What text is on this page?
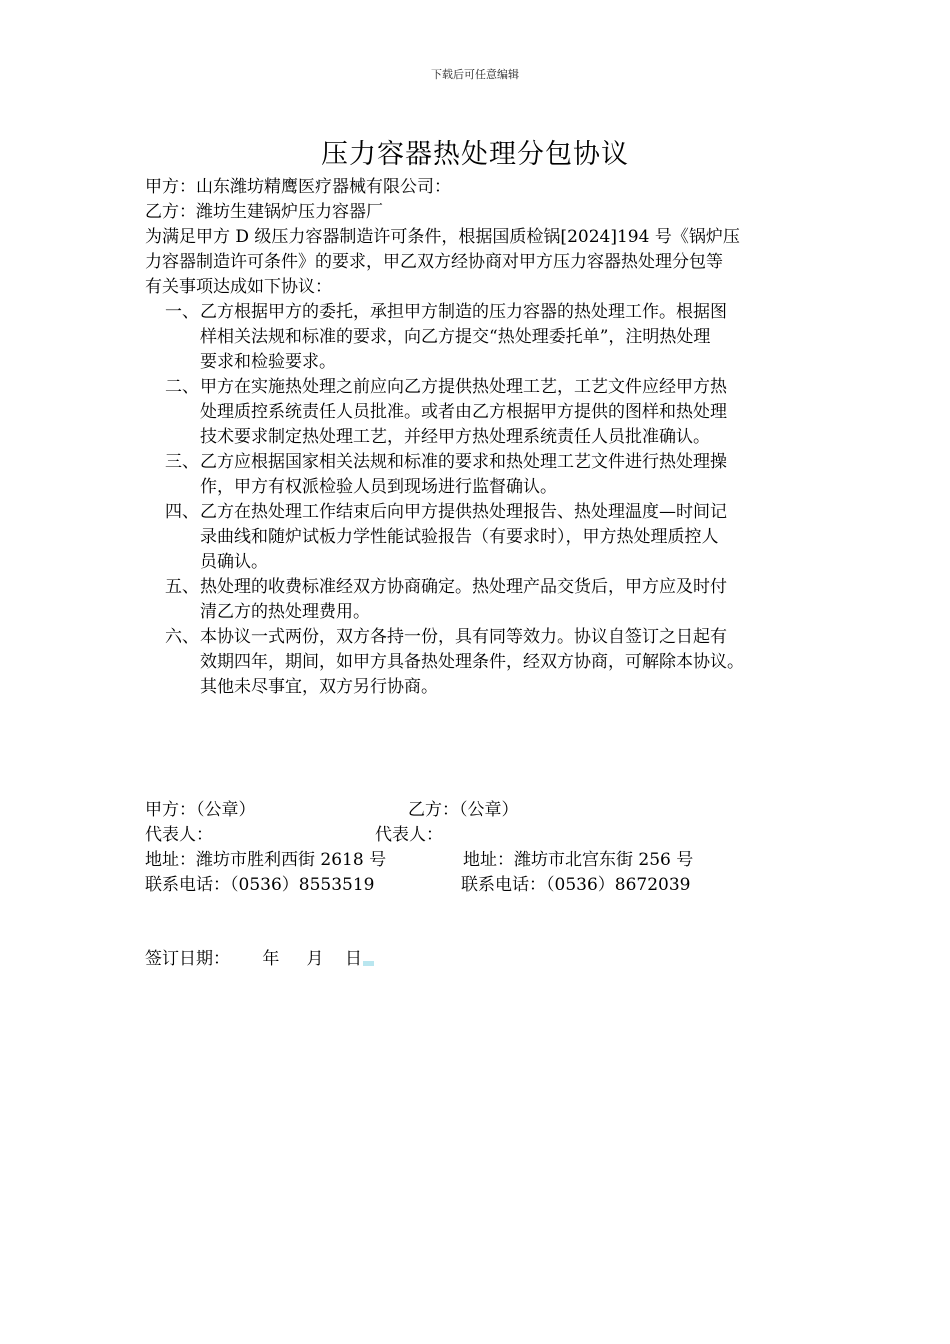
下载后可任意编辑
压力容器热处理分包协议
甲方：山东潍坊精鹰医疗器械有限公司：
乙方：潍坊生建锅炉压力容器厂
为满足甲方 D 级压力容器制造许可条件，根据国质检锅[2024]194 号《锅炉压
力容器制造许可条件》的要求，甲乙双方经协商对甲方压力容器热处理分包等
有关事项达成如下协议：
一、 乙方根据甲方的委托，承担甲方制造的压力容器的热处理工作。根据图
样相关法规和标准的要求，向乙方提交“热处理委托单”，注明热处理
要求和检验要求。
二、 甲方在实施热处理之前应向乙方提供热处理工艺，工艺文件应经甲方热
处理质控系统责任人员批准。或者由乙方根据甲方提供的图样和热处理
技术要求制定热处理工艺，并经甲方热处理系统责任人员批准确认。
三、 乙方应根据国家相关法规和标准的要求和热处理工艺文件进行热处理操
作，甲方有权派检验人员到现场进行监督确认。
四、 乙方在热处理工作结束后向甲方提供热处理报告、热处理温度—时间记
录曲线和随炉试板力学性能试验报告（有要求时），甲方热处理质控人
员确认。
五、 热处理的收费标准经双方协商确定。热处理产品交货后，甲方应及时付
清乙方的热处理费用。
六、 本协议一式两份，双方各持一份，具有同等效力。协议自签订之日起有
效期四年，期间，如甲方具备热处理条件，经双方协商，可解除本协议。
其他未尽事宜，双方另行协商。
甲方：（公章）	乙方：（公章）
代表人：	代表人：
地址：潍坊市胜利西街 2618 号	地址：潍坊市北宫东街 256 号
联系电话：（0536）8553519	联系电话：（0536）8672039
签订日期：      年     月    日
